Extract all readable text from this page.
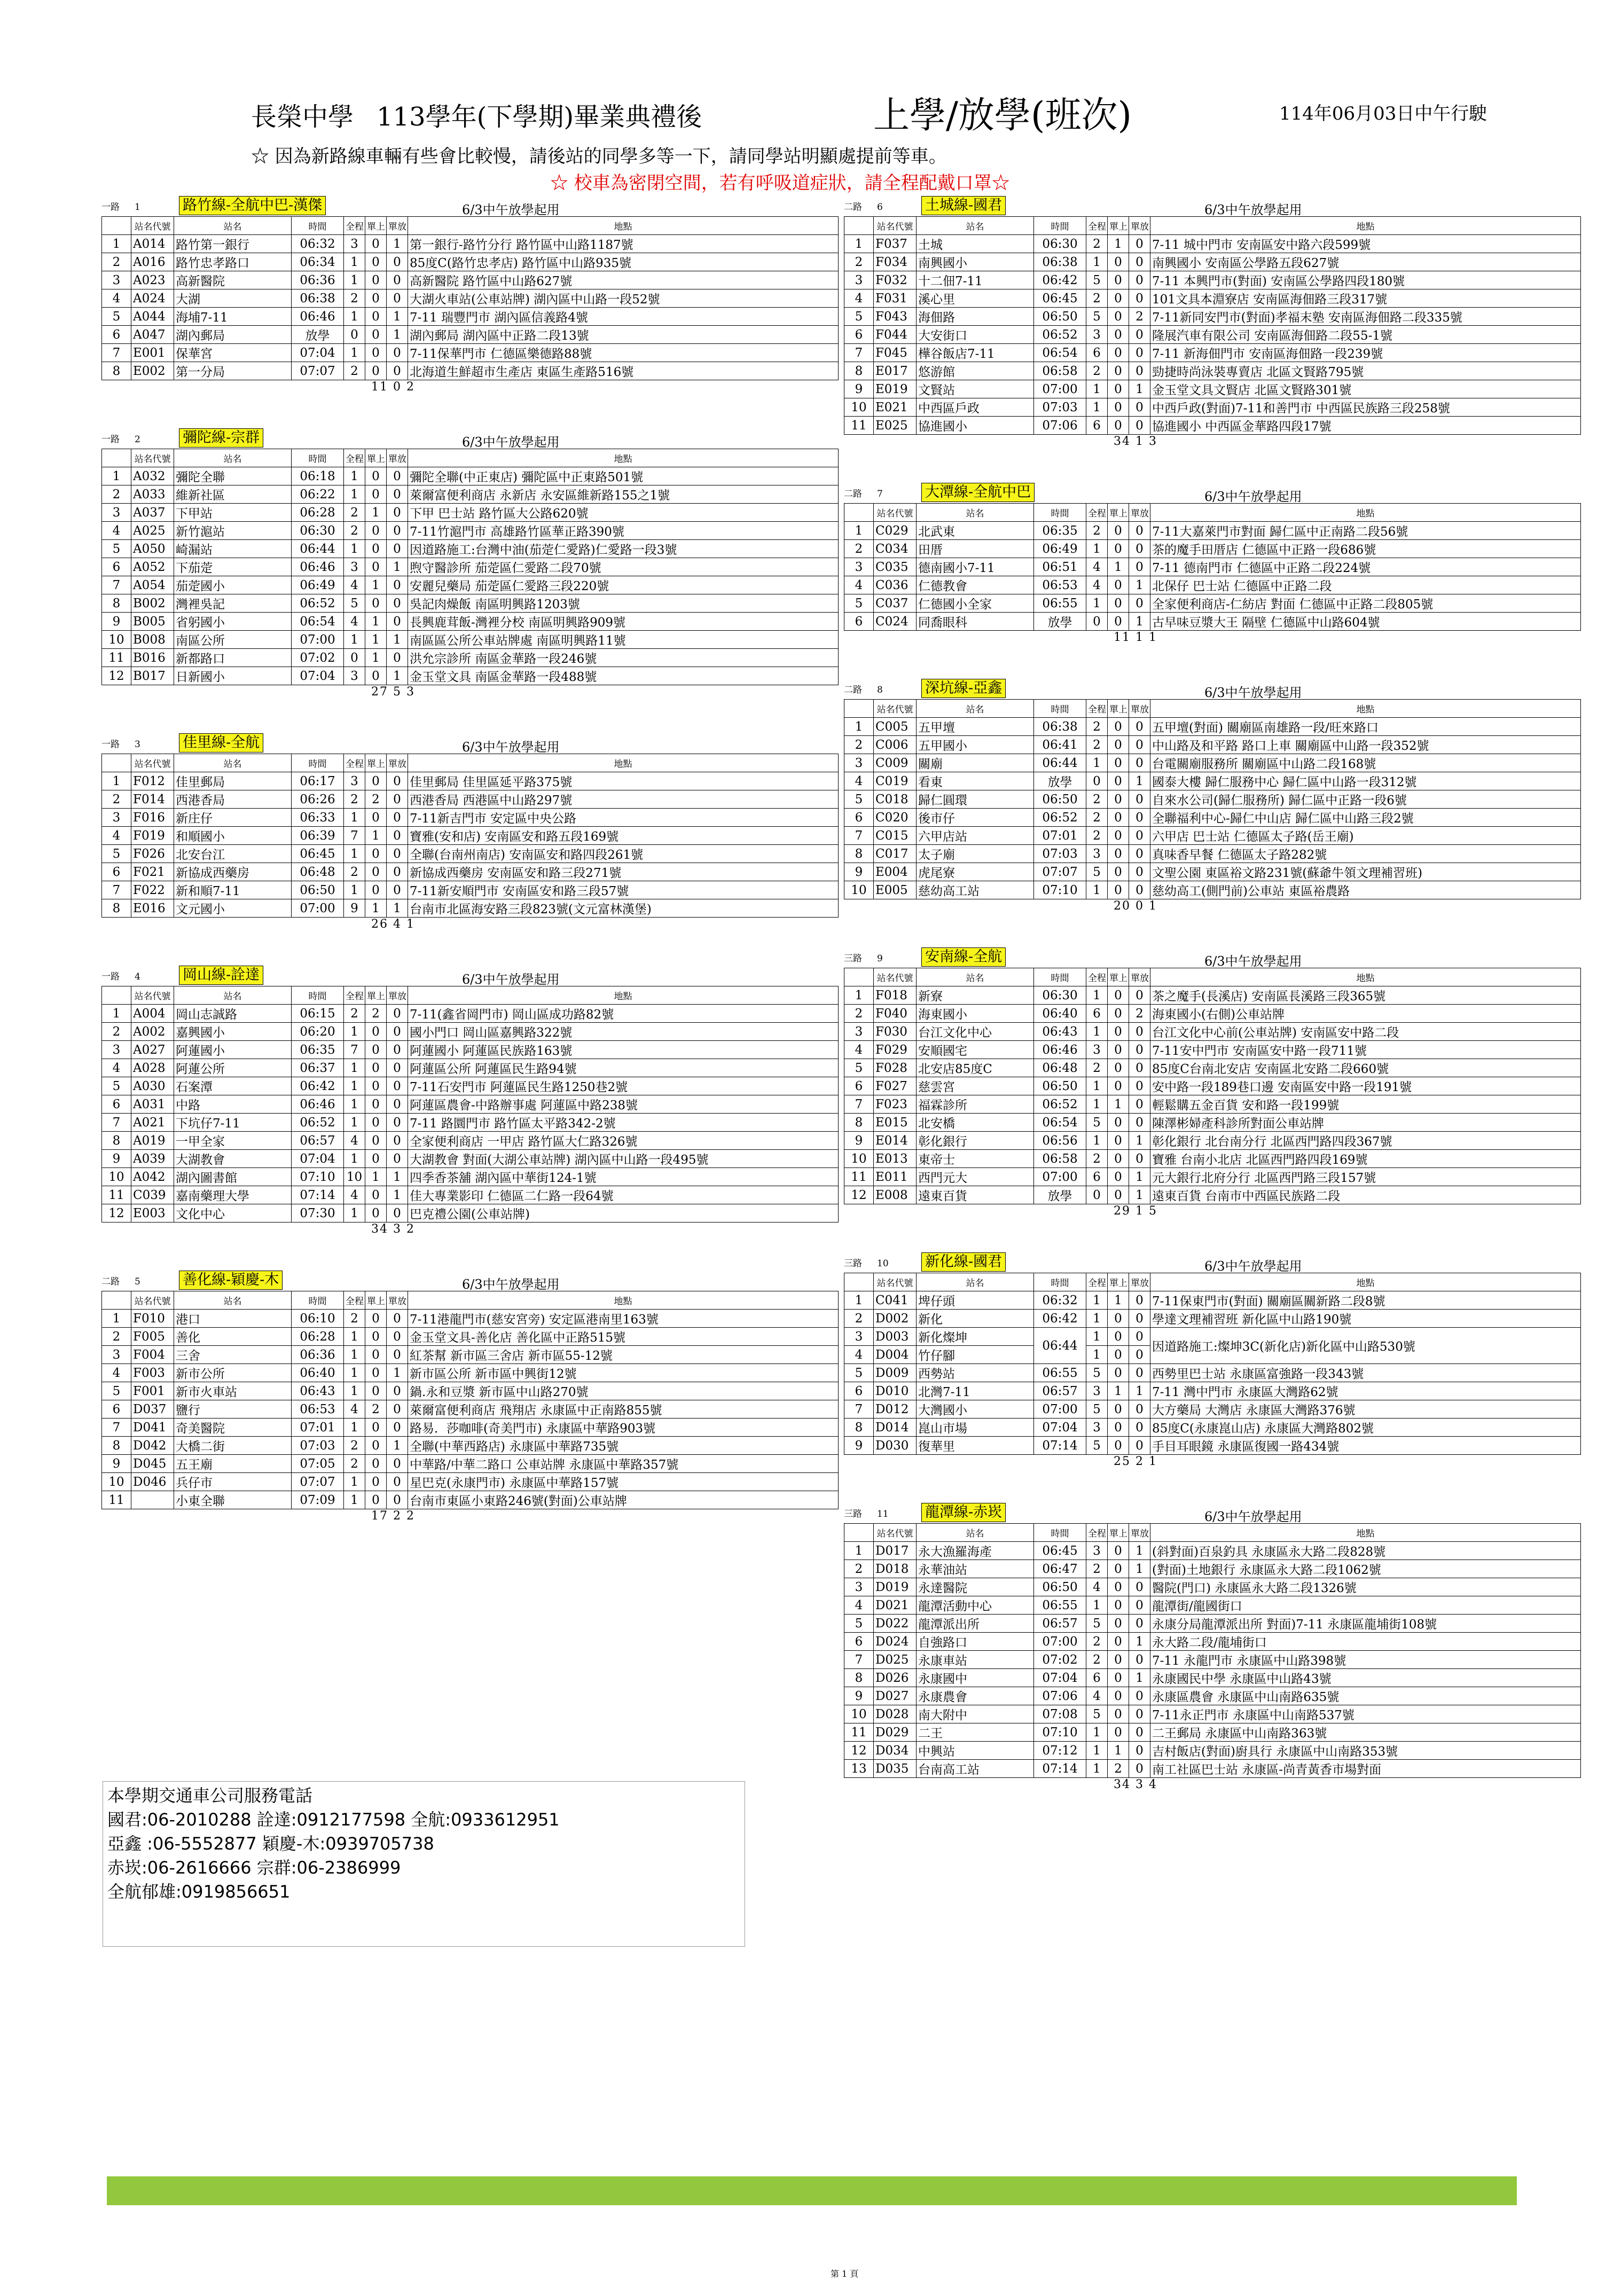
長榮中學 113學年(下學期)畢業典禮後	上學/放學(班次)	114年06月03日中午行駛
☆ 因為新路線車輛有些會比較慢，請後站的同學多等一下，請同學站明顯處提前等車。
☆ 校車為密閉空間，若有呼吸道症狀，請全程配戴口罩☆
一路 1	路竹線-全航中巴-漢傑	6/3中午放學起用
	站名代號	站名	時間	全程	單上	單放	地點
1	A014	路竹第一銀行	06:32	3	0	1	第一銀行-路竹分行 路竹區中山路1187號
2	A016	路竹忠孝路口	06:34	1	0	0	85度C(路竹忠孝店) 路竹區中山路935號
3	A023	高新醫院	06:36	1	0	0	高新醫院 路竹區中山路627號
4	A024	大湖	06:38	2	0	0	大湖火車站(公車站牌) 湖內區中山路一段52號
5	A044	海埔7-11	06:46	1	0	1	7-11 瑞豐門市 湖內區信義路4號
6	A047	湖內郵局	放學	0	0	1	湖內郵局 湖內區中正路二段13號
7	E001	保華宮	07:04	1	0	0	7-11保華門市 仁德區樂德路88號
8	E002	第一分局	07:07	2	0	0	北海道生鮮超市生產店 東區生產路516號
11 0 2
一路 2	彌陀線-宗群	6/3中午放學起用
	站名代號	站名	時間	全程	單上	單放	地點
1	A032	彌陀全聯	06:18	1	0	0	彌陀全聯(中正東店) 彌陀區中正東路501號
2	A033	維新社區	06:22	1	0	0	萊爾富便利商店 永新店 永安區維新路155之1號
3	A037	下甲站	06:28	2	1	0	下甲 巴士站 路竹區大公路620號
4	A025	新竹滬站	06:30	2	0	0	7-11竹滬門市 高雄路竹區華正路390號
5	A050	崎漏站	06:44	1	0	0	因道路施工:台灣中油(茄萣仁愛路)仁愛路一段3號
6	A052	下茄萣	06:46	3	0	1	煦守醫診所 茄萣區仁愛路二段70號
7	A054	茄萣國小	06:49	4	1	0	安麗兒藥局 茄萣區仁愛路三段220號
8	B002	灣裡吳記	06:52	5	0	0	吳記肉燥飯 南區明興路1203號
9	B005	省躬國小	06:54	4	1	0	長興鹿茸飯-灣裡分校 南區明興路909號
10	B008	南區公所	07:00	1	1	1	南區區公所公車站牌處 南區明興路11號
11	B016	新都路口	07:02	0	1	0	洪允宗診所 南區金華路一段246號
12	B017	日新國小	07:04	3	0	1	金玉堂文具 南區金華路一段488號
27 5 3
一路 3	佳里線-全航	6/3中午放學起用
	站名代號	站名	時間	全程	單上	單放	地點
1	F012	佳里郵局	06:17	3	0	0	佳里郵局 佳里區延平路375號
2	F014	西港香局	06:26	2	2	0	西港香局 西港區中山路297號
3	F016	新庄仔	06:33	1	0	0	7-11新吉門市 安定區中央公路
4	F019	和順國小	06:39	7	1	0	寶雅(安和店) 安南區安和路五段169號
5	F026	北安台江	06:45	1	0	0	全聯(台南州南店) 安南區安和路四段261號
6	F021	新協成西藥房	06:48	2	0	0	新協成西藥房 安南區安和路三段271號
7	F022	新和順7-11	06:50	1	0	0	7-11新安順門市 安南區安和路三段57號
8	E016	文元國小	07:00	9	1	1	台南市北區海安路三段823號(文元富林漢堡)
26 4 1
一路 4	岡山線-詮達	6/3中午放學起用
	站名代號	站名	時間	全程	單上	單放	地點
1	A004	岡山志誠路	06:15	2	2	0	7-11(鑫省岡門市) 岡山區成功路82號
2	A002	嘉興國小	06:20	1	0	0	國小門口 岡山區嘉興路322號
3	A027	阿蓮國小	06:35	7	0	0	阿蓮國小 阿蓮區民族路163號
4	A028	阿蓮公所	06:37	1	0	0	阿蓮區公所 阿蓮區民生路94號
5	A030	石案潭	06:42	1	0	0	7-11石安門市 阿蓮區民生路1250巷2號
6	A031	中路	06:46	1	0	0	阿蓮區農會-中路辦事處 阿蓮區中路238號
7	A021	下坑仔7-11	06:52	1	0	0	7-11 路圜門市 路竹區太平路342-2號
8	A019	一甲全家	06:57	4	0	0	全家便利商店 一甲店 路竹區大仁路326號
9	A039	大湖教會	07:04	1	0	0	大湖教會 對面(大湖公車站牌) 湖內區中山路一段495號
10	A042	湖內圖書館	07:10	10	1	1	四季香茶舖 湖內區中華街124-1號
11	C039	嘉南藥理大學	07:14	4	0	1	佳大專業影印 仁德區二仁路一段64號
12	E003	文化中心	07:30	1	0	0	巴克禮公園(公車站牌)
34 3 2
二路 5	善化線-穎慶-木	6/3中午放學起用
	站名代號	站名	時間	全程	單上	單放	地點
1	F010	港口	06:10	2	0	0	7-11港龍門市(慈安宮旁) 安定區港南里163號
2	F005	善化	06:28	1	0	0	金玉堂文具-善化店 善化區中正路515號
3	F004	三舍	06:36	1	0	0	紅茶幫 新市區三舍店 新市區55-12號
4	F003	新市公所	06:40	1	0	1	新市區公所 新市區中興街12號
5	F001	新市火車站	06:43	1	0	0	鍋.永和豆漿 新市區中山路270號
6	D037	鹽行	06:53	4	2	0	萊爾富便利商店 飛翔店 永康區中正南路855號
7	D041	奇美醫院	07:01	1	0	0	路易．莎咖啡(奇美門市) 永康區中華路903號
8	D042	大橋二街	07:03	2	0	1	全聯(中華西路店) 永康區中華路735號
9	D045	五王廟	07:05	2	0	0	中華路/中華二路口 公車站牌 永康區中華路357號
10	D046	兵仔市	07:07	1	0	0	星巴克(永康門市) 永康區中華路157號
11		小東全聯	07:09	1	0	0	台南市東區小東路246號(對面)公車站牌
17 2 2
二路 6	土城線-國君	6/3中午放學起用
	站名代號	站名	時間	全程	單上	單放	地點
1	F037	土城	06:30	2	1	0	7-11 城中門市 安南區安中路六段599號
2	F034	南興國小	06:38	1	0	0	南興國小 安南區公學路五段627號
3	F032	十二佃7-11	06:42	5	0	0	7-11 本興門市(對面) 安南區公學路四段180號
4	F031	溪心里	06:45	2	0	0	101文具本淵寮店 安南區海佃路三段317號
5	F043	海佃路	06:50	5	0	2	7-11新同安門市(對面)孝福末塾 安南區海佃路二段335號
6	F044	大安街口	06:52	3	0	0	隆展汽車有限公司 安南區海佃路二段55-1號
7	F045	樺谷飯店7-11	06:54	6	0	0	7-11 新海佃門市 安南區海佃路一段239號
8	E017	悠游館	06:58	2	0	0	勁捷時尚泳裝專賣店 北區文賢路795號
9	E019	文賢站	07:00	1	0	1	金玉堂文具文賢店 北區文賢路301號
10	E021	中西區戶政	07:03	1	0	0	中西戶政(對面)7-11和善門市 中西區民族路三段258號
11	E025	協進國小	07:06	6	0	0	協進國小 中西區金華路四段17號
34 1 3
二路 7	大潭線-全航中巴	6/3中午放學起用
	站名代號	站名	時間	全程	單上	單放	地點
1	C029	北武東	06:35	2	0	0	7-11大嘉萊門市對面 歸仁區中正南路二段56號
2	C034	田厝	06:49	1	0	0	茶的魔手田厝店 仁德區中正路一段686號
3	C035	德南國小7-11	06:51	4	1	0	7-11 德南門市 仁德區中正路二段224號
4	C036	仁德教會	06:53	4	0	1	北保仔 巴士站 仁德區中正路二段
5	C037	仁德國小全家	06:55	1	0	0	全家便利商店-仁紡店 對面 仁德區中正路二段805號
6	C024	同喬眼科	放學	0	0	1	古早味豆漿大王 隔壁 仁德區中山路604號
11 1 1
二路 8	深坑線-亞鑫	6/3中午放學起用
	站名代號	站名	時間	全程	單上	單放	地點
1	C005	五甲壇	06:38	2	0	0	五甲壇(對面) 關廟區南雄路一段/旺來路口
2	C006	五甲國小	06:41	2	0	0	中山路及和平路 路口上車 關廟區中山路一段352號
3	C009	關廟	06:44	1	0	0	台電關廟服務所 關廟區中山路二段168號
4	C019	看東	放學	0	0	1	國泰大樓 歸仁服務中心 歸仁區中山路一段312號
5	C018	歸仁圓環	06:50	2	0	0	自來水公司(歸仁服務所) 歸仁區中正路一段6號
6	C020	後市仔	06:52	2	0	0	全聯福利中心-歸仁中山店 歸仁區中山路三段2號
7	C015	六甲店站	07:01	2	0	0	六甲店 巴士站 仁德區太子路(岳王廟)
8	C017	太子廟	07:03	3	0	0	真味香早餐 仁德區太子路282號
9	E004	虎尾寮	07:07	5	0	0	文聖公園 東區裕文路231號(蘇爺牛領文理補習班)
10	E005	慈幼高工站	07:10	1	0	0	慈幼高工(側門前)公車站 東區裕農路
20 0 1
三路 9	安南線-全航	6/3中午放學起用
	站名代號	站名	時間	全程	單上	單放	地點
1	F018	新寮	06:30	1	0	0	茶之魔手(長溪店) 安南區長溪路三段365號
2	F040	海東國小	06:40	6	0	2	海東國小(右側)公車站牌
3	F030	台江文化中心	06:43	1	0	0	台江文化中心前(公車站牌) 安南區安中路二段
4	F029	安順國宅	06:46	3	0	0	7-11安中門市 安南區安中路一段711號
5	F028	北安店85度C	06:48	2	0	0	85度C台南北安店 安南區北安路二段660號
6	F027	慈雲宮	06:50	1	0	0	安中路一段189巷口邊 安南區安中路一段191號
7	F023	福霖診所	06:52	1	1	0	輕鬆購五金百貨 安和路一段199號
8	E015	北安橋	06:54	5	0	0	陳澤彬婦產科診所對面公車站牌
9	E014	彰化銀行	06:56	1	0	1	彰化銀行 北台南分行 北區西門路四段367號
10	E013	東帝士	06:58	2	0	0	寶雅 台南小北店 北區西門路四段169號
11	E011	西門元大	07:00	6	0	1	元大銀行北府分行 北區西門路三段157號
12	E008	遠東百貨	放學	0	0	1	遠東百貨 台南市中西區民族路二段
29 1 5
三路 10	新化線-國君	6/3中午放學起用
	站名代號	站名	時間	全程	單上	單放	地點
1	C041	埤仔頭	06:32	1	1	0	7-11保東門市(對面) 關廟區關新路二段8號
2	D002	新化	06:42	1	0	0	學達文理補習班 新化區中山路190號
3	D003	新化燦坤	06:44	1	0	0	因道路施工:燦坤3C(新化店)新化區中山路530號
4	D004	竹仔腳		1	0	0	
5	D009	西勢站	06:55	5	0	0	西勢里巴士站 永康區富強路一段343號
6	D010	北灣7-11	06:57	3	1	1	7-11 灣中門市 永康區大灣路62號
7	D012	大灣國小	07:00	5	0	0	大方藥局 大灣店 永康區大灣路376號
8	D014	崑山市場	07:04	3	0	0	85度C(永康崑山店) 永康區大灣路802號
9	D030	復華里	07:14	5	0	0	手目耳眼鏡 永康區復國一路434號
25 2 1
三路 11	龍潭線-赤崁	6/3中午放學起用
	站名代號	站名	時間	全程	單上	單放	地點
1	D017	永大漁羅海產	06:45	3	0	1	(斜對面)百泉釣具 永康區永大路二段828號
2	D018	永華油站	06:47	2	0	1	(對面)土地銀行 永康區永大路二段1062號
3	D019	永達醫院	06:50	4	0	0	醫院(門口) 永康區永大路二段1326號
4	D021	龍潭活動中心	06:55	1	0	0	龍潭街/龍國街口
5	D022	龍潭派出所	06:57	5	0	0	永康分局龍潭派出所 對面)7-11 永康區龍埔街108號
6	D024	自強路口	07:00	2	0	1	永大路二段/龍埔街口
7	D025	永康車站	07:02	2	0	0	7-11 永龍門市 永康區中山路398號
8	D026	永康國中	07:04	6	0	1	永康國民中學 永康區中山路43號
9	D027	永康農會	07:06	4	0	0	永康區農會 永康區中山南路635號
10	D028	南大附中	07:08	5	0	0	7-11永正門市 永康區中山南路537號
11	D029	二王	07:10	1	0	0	二王郵局 永康區中山南路363號
12	D034	中興站	07:12	1	1	0	吉村飯店(對面)廚具行 永康區中山南路353號
13	D035	台南高工站	07:14	1	2	0	南工社區巴士站 永康區-尚青黃香市場對面
34 3 4
本學期交通車公司服務電話
國君:06-2010288 詮達:0912177598 全航:0933612951
亞鑫 :06-5552877 穎慶-木:0939705738
赤崁:06-2616666 宗群:06-2386999
全航郁雄:0919856651
第 1 頁
